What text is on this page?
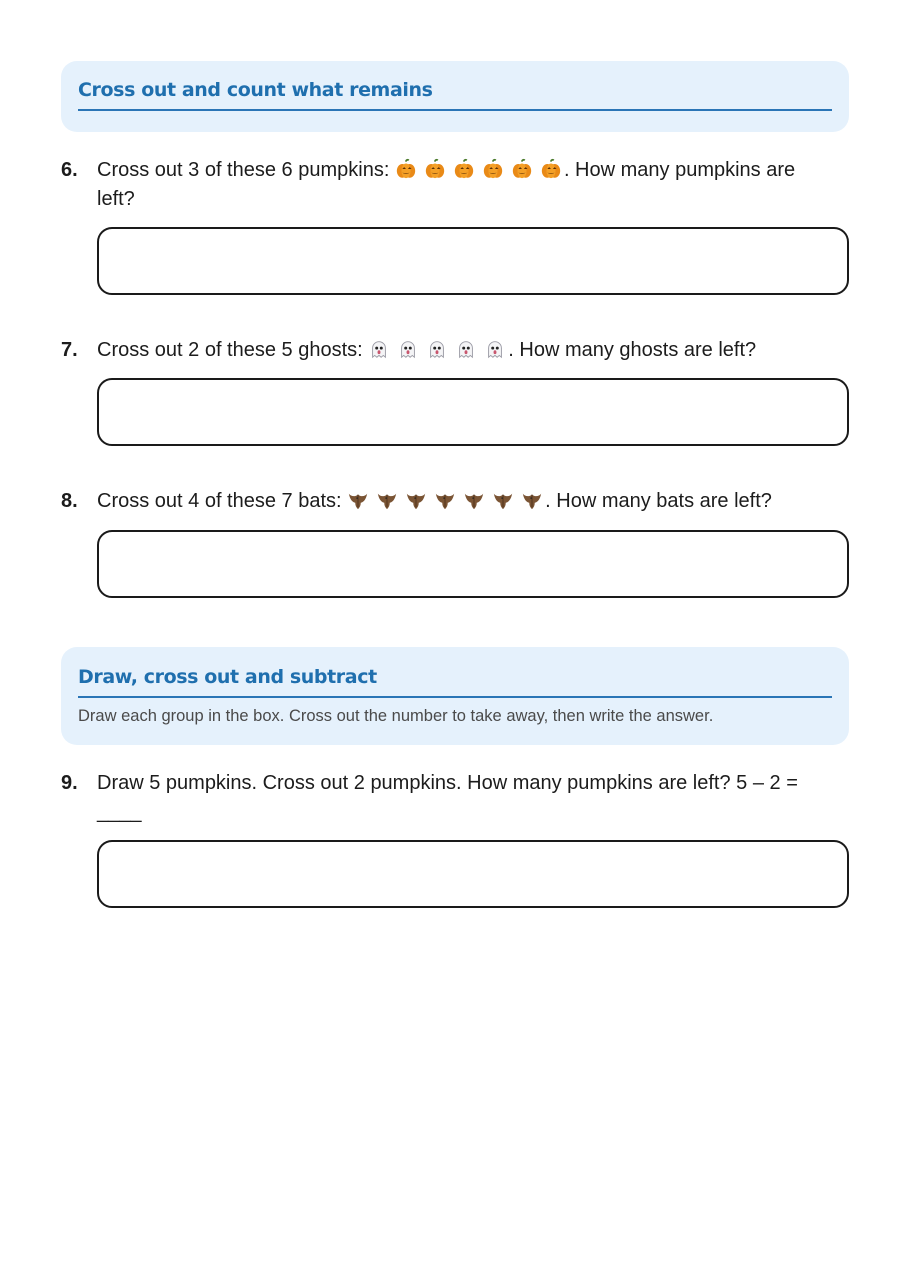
Cross out and count what remains
6. Cross out 3 of these 6 pumpkins:	. How many pumpkins are left?
7. Cross out 2 of these 5 ghosts:	. How many ghosts are left?
8. Cross out 4 of these 7 bats:	. How many bats are left?
Draw, cross out and subtract
Draw each group in the box. Cross out the number to take away, then write the answer.
9. Draw 5 pumpkins. Cross out 2 pumpkins. How many pumpkins are left? 5 – 2 = ____
